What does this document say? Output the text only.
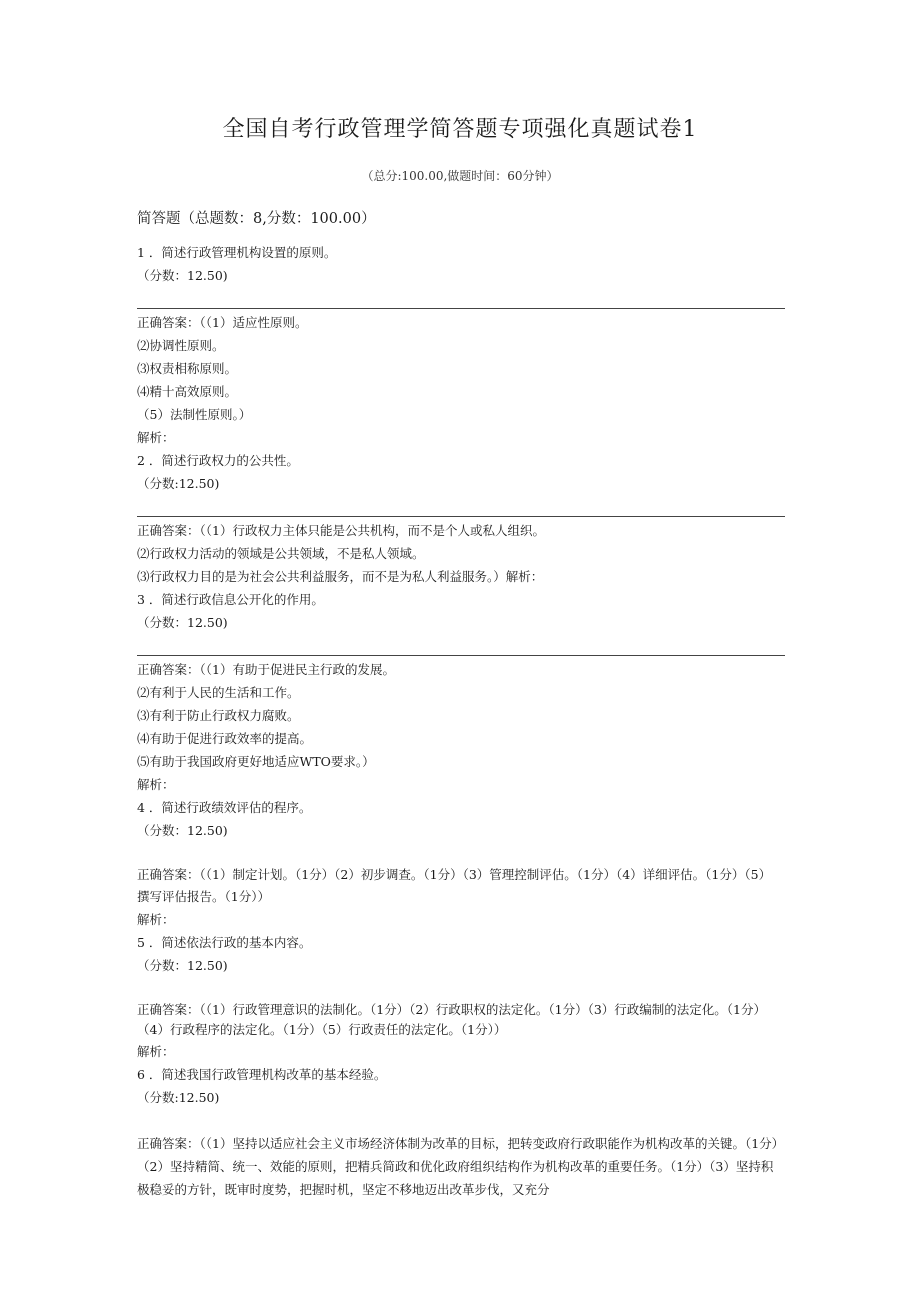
全国自考行政管理学简答题专项强化真题试卷1
（总分:100.00,做题时间：60分钟）
简答题（总题数：8,分数：100.00）
1 ．简述行政管理机构设置的原则。
（分数：12.50)
正确答案：（（1）适应性原则。
⑵协调性原则。
⑶权责相称原则。
⑷精十高效原则。
（5）法制性原则。）
解析：
2 ．简述行政权力的公共性。
（分数:12.50)
正确答案：（（1）行政权力主体只能是公共机构，而不是个人或私人组织。
⑵行政权力活动的领域是公共领域，不是私人领域。
⑶行政权力目的是为社会公共利益服务，而不是为私人利益服务。）解析：
3 ．简述行政信息公开化的作用。
（分数：12.50)
正确答案：（（1）有助于促进民主行政的发展。
⑵有利于人民的生活和工作。
⑶有利于防止行政权力腐败。
⑷有助于促进行政效率的提高。
⑸有助于我国政府更好地适应WTO要求。）
解析：
4 ．简述行政绩效评估的程序。
（分数：12.50)
正确答案：（（1）制定计划。（1分）（2）初步调查。（1分）（3）管理控制评估。（1分）（4）详细评估。（1分）（5）
撰写评估报告。（1分））
解析：
5 ．简述依法行政的基本内容。
（分数：12.50)
正确答案：（（1）行政管理意识的法制化。（1分）（2）行政职权的法定化。（1分）（3）行政编制的法定化。（1分）（4）行政程序的法定化。（1分）（5）行政责任的法定化。（1分））
解析：
6 ．简述我国行政管理机构改革的基本经验。
（分数:12.50)
正确答案：（（1）坚持以适应社会主义市场经济体制为改革的目标，把转变政府行政职能作为机构改革的关键。（1分）（2）坚持精简、统一、效能的原则，把精兵简政和优化政府组织结构作为机构改革的重要任务。（1分）（3）坚持积极稳妥的方针，既审时度势，把握时机，坚定不移地迈出改革步伐，又充分
